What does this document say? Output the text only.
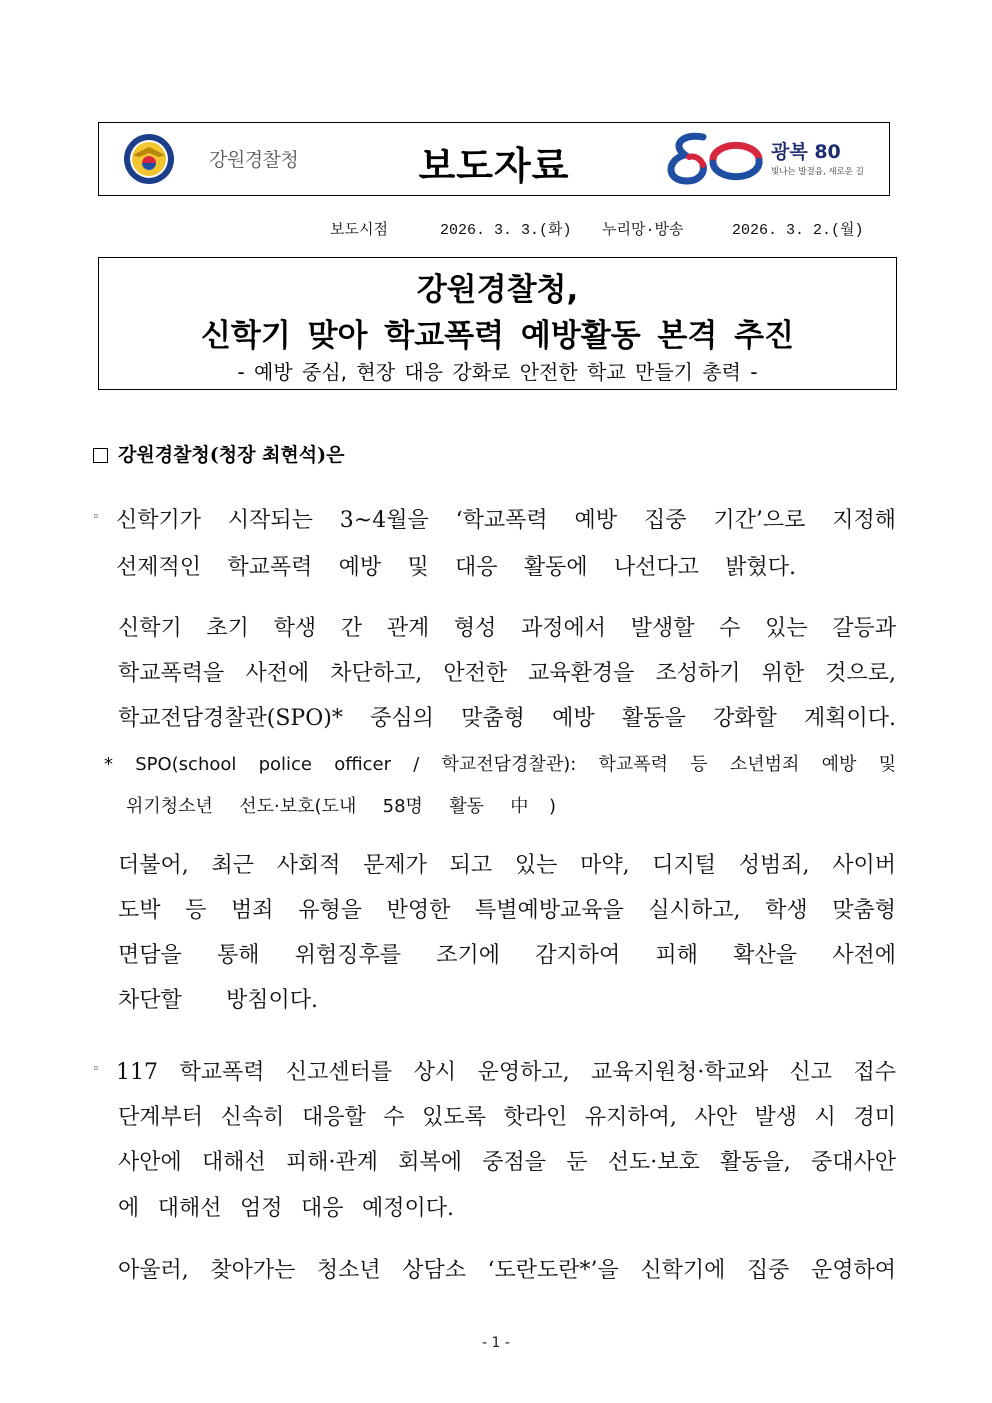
강원경찰청	보도자료	광복 80
빛나는 발걸음, 새로운 길

보도시점

	2026. 3. 3.(화)

누리망·방송

	2026. 3. 2.(월)

강원경찰청,
신학기 맞아 학교폭력 예방활동 본격 추진
- 예방 중심, 현장 대응 강화로 안전한 학교 만들기 총력 -
강원경찰청(청장 최현석)은
◦ 신학기가 시작되는 3~4월을 ‘학교폭력 예방 집중 기간’으로 지정해
선제적인 학교폭력 예방 및 대응 활동에 나선다고 밝혔다.
신학기 초기 학생 간 관계 형성 과정에서 발생할 수 있는 갈등과
학교폭력을 사전에 차단하고, 안전한 교육환경을 조성하기 위한 것으로,
학교전담경찰관(SPO)* 중심의 맞춤형 예방 활동을 강화할 계획이다.
* SPO(school police officer / 학교전담경찰관): 학교폭력 등 소년범죄 예방 및
위기청소년 선도·보호(도내 58명 활동 中)
더불어, 최근 사회적 문제가 되고 있는 마약, 디지털 성범죄, 사이버
도박 등 범죄 유형을 반영한 특별예방교육을 실시하고, 학생 맞춤형
면담을 통해 위험징후를 조기에 감지하여 피해 확산을 사전에
차단할 방침이다.
◦ 117 학교폭력 신고센터를 상시 운영하고, 교육지원청·학교와 신고 접수
단계부터 신속히 대응할 수 있도록 핫라인 유지하여, 사안 발생 시 경미
사안에 대해선 피해·관계 회복에 중점을 둔 선도·보호 활동을, 중대사안
에 대해선 엄정 대응 예정이다.
아울러, 찾아가는 청소년 상담소 ‘도란도란*’을 신학기에 집중 운영하여
- 1 -
